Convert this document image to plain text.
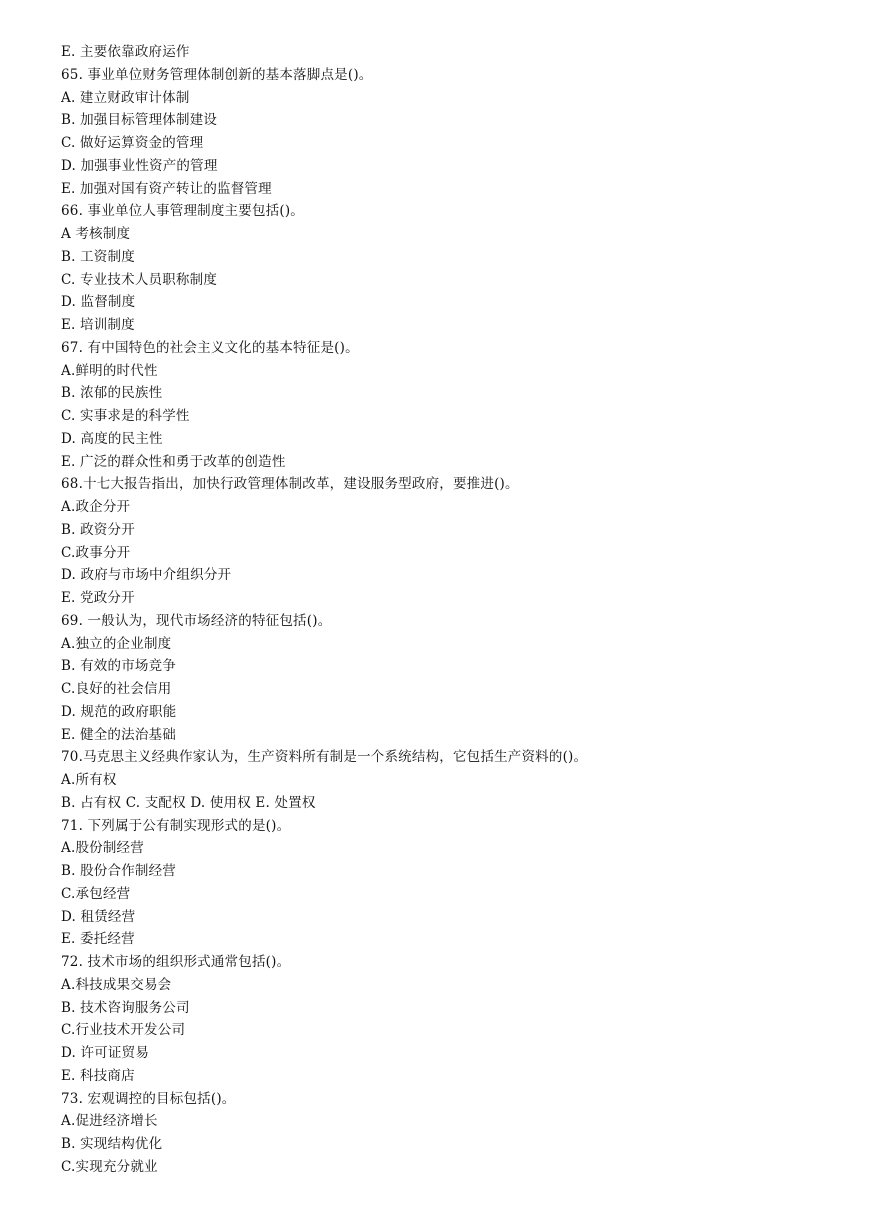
E. 主要依靠政府运作
65. 事业单位财务管理体制创新的基本落脚点是()。
A. 建立财政审计体制
B. 加强目标管理体制建设
C. 做好运算资金的管理
D. 加强事业性资产的管理
E. 加强对国有资产转让的监督管理
66. 事业单位人事管理制度主要包括()。
A 考核制度
B. 工资制度
C. 专业技术人员职称制度
D. 监督制度
E. 培训制度
67. 有中国特色的社会主义文化的基本特征是()。
A.鲜明的时代性
B. 浓郁的民族性
C. 实事求是的科学性
D. 高度的民主性
E. 广泛的群众性和勇于改革的创造性
68.十七大报告指出，加快行政管理体制改革，建设服务型政府，要推进()。
A.政企分开
B. 政资分开
C.政事分开
D. 政府与市场中介组织分开
E. 党政分开
69. 一般认为，现代市场经济的特征包括()。
A.独立的企业制度
B. 有效的市场竞争
C.良好的社会信用
D. 规范的政府职能
E. 健全的法治基础
70.马克思主义经典作家认为，生产资料所有制是一个系统结构，它包括生产资料的()。
A.所有权
B. 占有权 C. 支配权 D. 使用权 E. 处置权
71. 下列属于公有制实现形式的是()。
A.股份制经营
B. 股份合作制经营
C.承包经营
D. 租赁经营
E. 委托经营
72. 技术市场的组织形式通常包括()。
A.科技成果交易会
B. 技术咨询服务公司
C.行业技术开发公司
D. 许可证贸易
E. 科技商店
73. 宏观调控的目标包括()。
A.促进经济增长
B. 实现结构优化
C.实现充分就业
